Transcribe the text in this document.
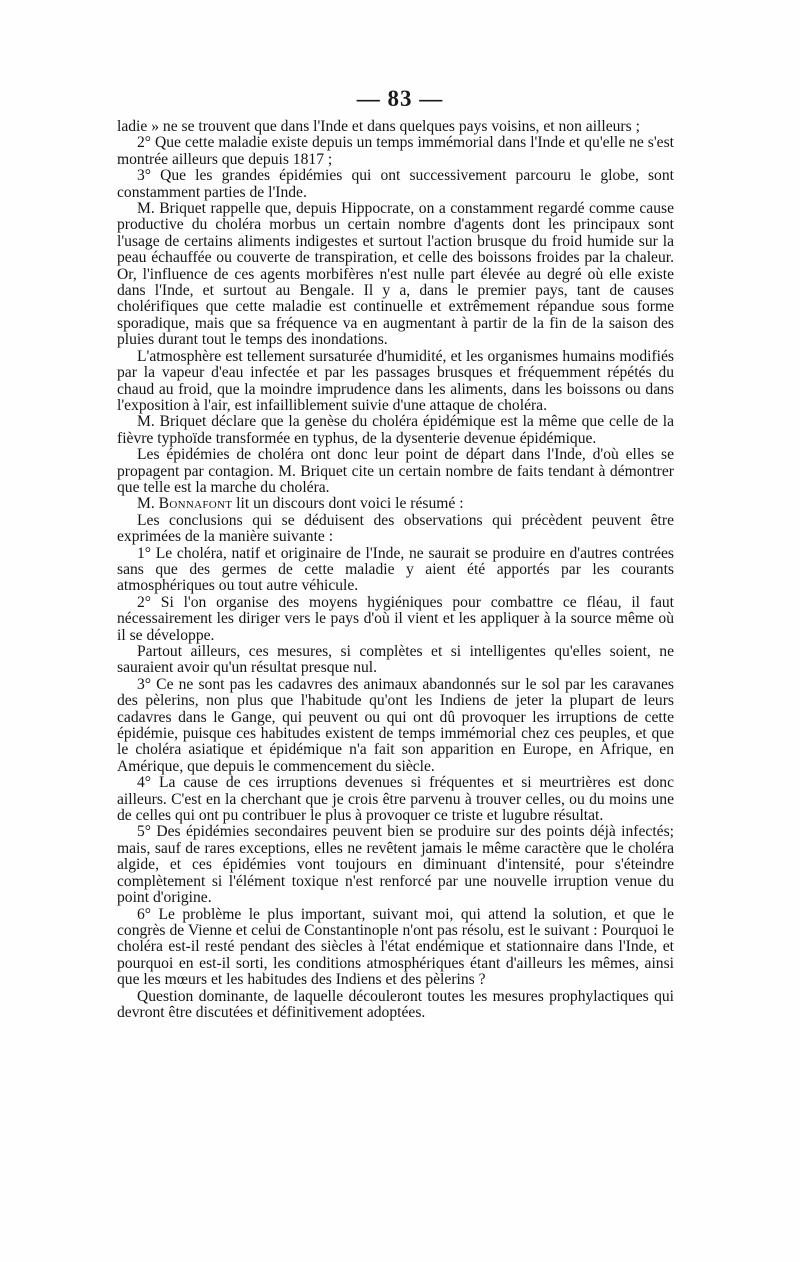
— 83 —

ladie » ne se trouvent que dans l'Inde et dans quelques pays voisins, et non ailleurs ;

2° Que cette maladie existe depuis un temps immémorial dans l'Inde et qu'elle ne s'est montrée ailleurs que depuis 1817 ;

3° Que les grandes épidémies qui ont successivement parcouru le globe, sont constamment parties de l'Inde.

M. Briquet rappelle que, depuis Hippocrate, on a constamment regardé comme cause productive du choléra morbus un certain nombre d'agents dont les principaux sont l'usage de certains aliments indigestes et surtout l'action brusque du froid humide sur la peau échauffée ou couverte de transpiration, et celle des boissons froides par la chaleur. Or, l'influence de ces agents morbifères n'est nulle part élevée au degré où elle existe dans l'Inde, et surtout au Bengale. Il y a, dans le premier pays, tant de causes cholérifiques que cette maladie est continuelle et extrêmement répandue sous forme sporadique, mais que sa fréquence va en augmentant à partir de la fin de la saison des pluies durant tout le temps des inondations.

L'atmosphère est tellement sursaturée d'humidité, et les organismes humains modifiés par la vapeur d'eau infectée et par les passages brusques et fréquemment répétés du chaud au froid, que la moindre imprudence dans les aliments, dans les boissons ou dans l'exposition à l'air, est infailliblement suivie d'une attaque de choléra.

M. Briquet déclare que la genèse du choléra épidémique est la même que celle de la fièvre typhoïde transformée en typhus, de la dysenterie devenue épidémique.

Les épidémies de choléra ont donc leur point de départ dans l'Inde, d'où elles se propagent par contagion. M. Briquet cite un certain nombre de faits tendant à démontrer que telle est la marche du choléra.

M. Bonnafont lit un discours dont voici le résumé :

Les conclusions qui se déduisent des observations qui précèdent peuvent être exprimées de la manière suivante :

1° Le choléra, natif et originaire de l'Inde, ne saurait se produire en d'autres contrées sans que des germes de cette maladie y aient été apportés par les courants atmosphériques ou tout autre véhicule.

2° Si l'on organise des moyens hygiéniques pour combattre ce fléau, il faut nécessairement les diriger vers le pays d'où il vient et les appliquer à la source même où il se développe.

Partout ailleurs, ces mesures, si complètes et si intelligentes qu'elles soient, ne sauraient avoir qu'un résultat presque nul.

3° Ce ne sont pas les cadavres des animaux abandonnés sur le sol par les caravanes des pèlerins, non plus que l'habitude qu'ont les Indiens de jeter la plupart de leurs cadavres dans le Gange, qui peuvent ou qui ont dû provoquer les irruptions de cette épidémie, puisque ces habitudes existent de temps immémorial chez ces peuples, et que le choléra asiatique et épidémique n'a fait son apparition en Europe, en Afrique, en Amérique, que depuis le commencement du siècle.

4° La cause de ces irruptions devenues si fréquentes et si meurtrières est donc ailleurs. C'est en la cherchant que je crois être parvenu à trouver celles, ou du moins une de celles qui ont pu contribuer le plus à provoquer ce triste et lugubre résultat.

5° Des épidémies secondaires peuvent bien se produire sur des points déjà infectés; mais, sauf de rares exceptions, elles ne revêtent jamais le même caractère que le choléra algide, et ces épidémies vont toujours en diminuant d'intensité, pour s'éteindre complètement si l'élément toxique n'est renforcé par une nouvelle irruption venue du point d'origine.

6° Le problème le plus important, suivant moi, qui attend la solution, et que le congrès de Vienne et celui de Constantinople n'ont pas résolu, est le suivant : Pourquoi le choléra est-il resté pendant des siècles à l'état endémique et stationnaire dans l'Inde, et pourquoi en est-il sorti, les conditions atmosphériques étant d'ailleurs les mêmes, ainsi que les mœurs et les habitudes des Indiens et des pèlerins ?

Question dominante, de laquelle découleront toutes les mesures prophylactiques qui devront être discutées et définitivement adoptées.
